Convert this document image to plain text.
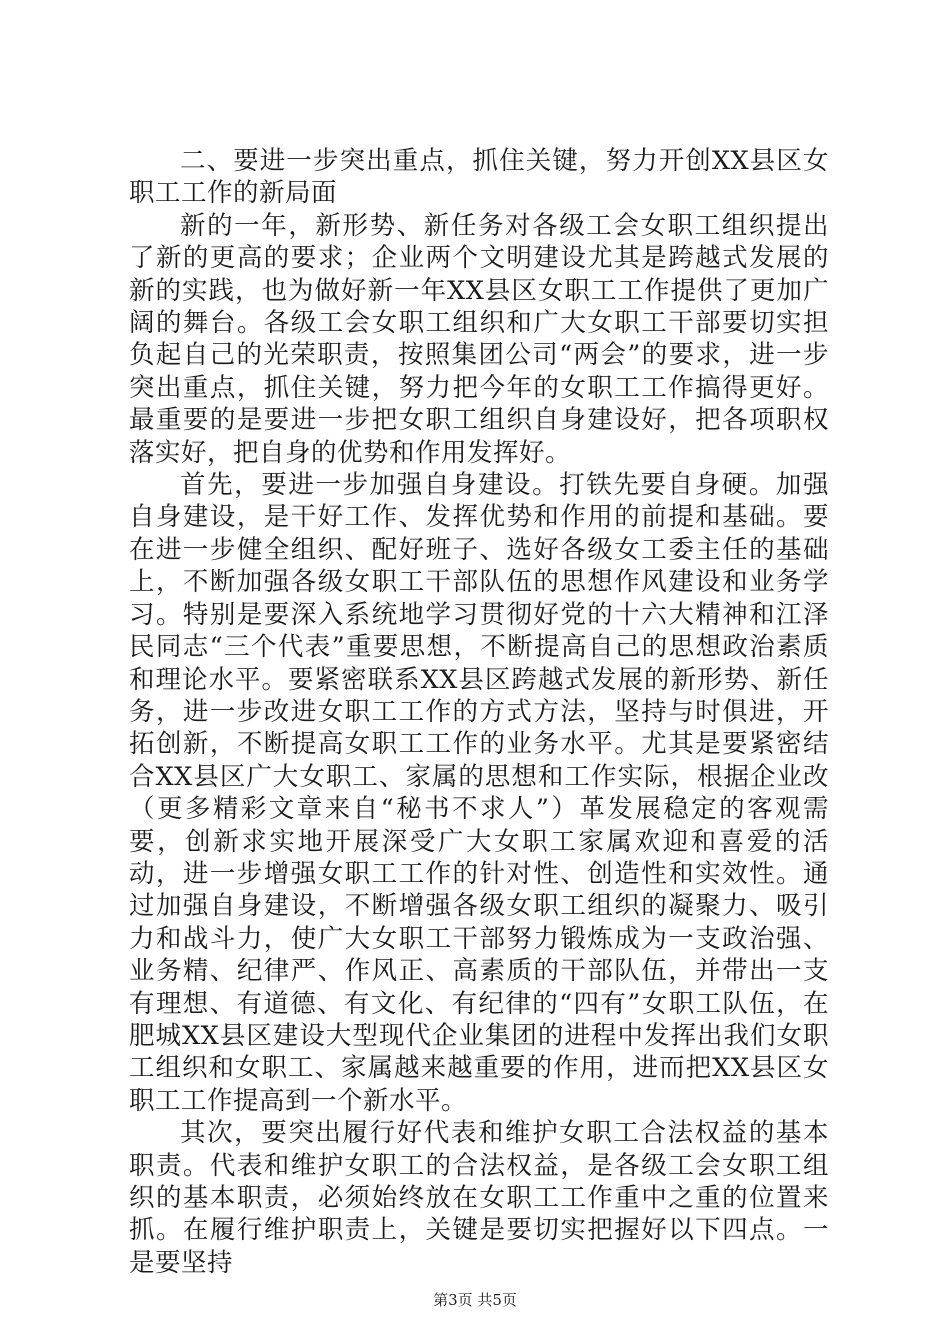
二、要进一步突出重点，抓住关键，努力开创XX县区女职工工作的新局面

新的一年，新形势、新任务对各级工会女职工组织提出了新的更高的要求；企业两个文明建设尤其是跨越式发展的新的实践，也为做好新一年XX县区女职工工作提供了更加广阔的舞台。各级工会女职工组织和广大女职工干部要切实担负起自己的光荣职责，按照集团公司“两会”的要求，进一步突出重点，抓住关键，努力把今年的女职工工作搞得更好。最重要的是要进一步把女职工组织自身建设好，把各项职权落实好，把自身的优势和作用发挥好。

首先，要进一步加强自身建设。打铁先要自身硬。加强自身建设，是干好工作、发挥优势和作用的前提和基础。要在进一步健全组织、配好班子、选好各级女工委主任的基础上，不断加强各级女职工干部队伍的思想作风建设和业务学习。特别是要深入系统地学习贯彻好党的十六大精神和江泽民同志“三个代表”重要思想，不断提高自己的思想政治素质和理论水平。要紧密联系XX县区跨越式发展的新形势、新任务，进一步改进女职工工作的方式方法，坚持与时俱进，开拓创新，不断提高女职工工作的业务水平。尤其是要紧密结合XX县区广大女职工、家属的思想和工作实际，根据企业改（更多精彩文章来自“秘书不求人”）革发展稳定的客观需要，创新求实地开展深受广大女职工家属欢迎和喜爱的活动，进一步增强女职工工作的针对性、创造性和实效性。通过加强自身建设，不断增强各级女职工组织的凝聚力、吸引力和战斗力，使广大女职工干部努力锻炼成为一支政治强、业务精、纪律严、作风正、高素质的干部队伍，并带出一支有理想、有道德、有文化、有纪律的“四有”女职工队伍，在肥城XX县区建设大型现代企业集团的进程中发挥出我们女职工组织和女职工、家属越来越重要的作用，进而把XX县区女职工工作提高到一个新水平。

其次，要突出履行好代表和维护女职工合法权益的基本职责。代表和维护女职工的合法权益，是各级工会女职工组织的基本职责，必须始终放在女职工工作重中之重的位置来抓。在履行维护职责上，关键是要切实把握好以下四点。一是要坚持

第3页 共5页
